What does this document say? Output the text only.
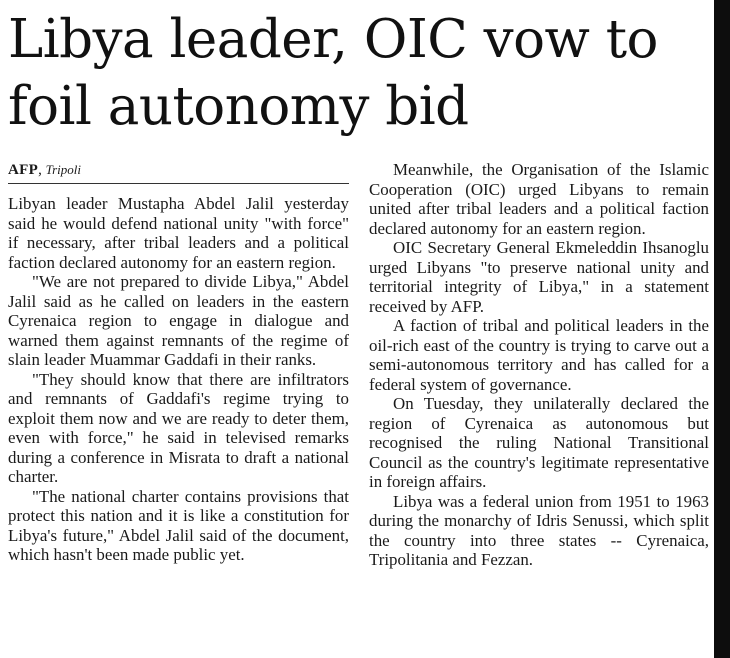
Libya leader, OIC vow to foil autonomy bid
AFP, Tripoli

Libyan leader Mustapha Abdel Jalil yesterday said he would defend national unity "with force" if necessary, after tribal leaders and a political faction declared autonomy for an eastern region.

"We are not prepared to divide Libya," Abdel Jalil said as he called on leaders in the eastern Cyrenaica region to engage in dialogue and warned them against remnants of the regime of slain leader Muammar Gaddafi in their ranks.

"They should know that there are infiltrators and remnants of Gaddafi's regime trying to exploit them now and we are ready to deter them, even with force," he said in televised remarks during a conference in Misrata to draft a national charter.

"The national charter contains provisions that protect this nation and it is like a constitution for Libya's future," Abdel Jalil said of the document, which hasn't been made public yet.

Meanwhile, the Organisation of the Islamic Cooperation (OIC) urged Libyans to remain united after tribal leaders and a political faction declared autonomy for an eastern region.

OIC Secretary General Ekmeleddin Ihsanoglu urged Libyans "to preserve national unity and territorial integrity of Libya," in a statement received by AFP.

A faction of tribal and political leaders in the oil-rich east of the country is trying to carve out a semi-autonomous territory and has called for a federal system of governance.

On Tuesday, they unilaterally declared the region of Cyrenaica as autonomous but recognised the ruling National Transitional Council as the country's legitimate representative in foreign affairs.

Libya was a federal union from 1951 to 1963 during the monarchy of Idris Senussi, which split the country into three states -- Cyrenaica, Tripolitania and Fezzan.
